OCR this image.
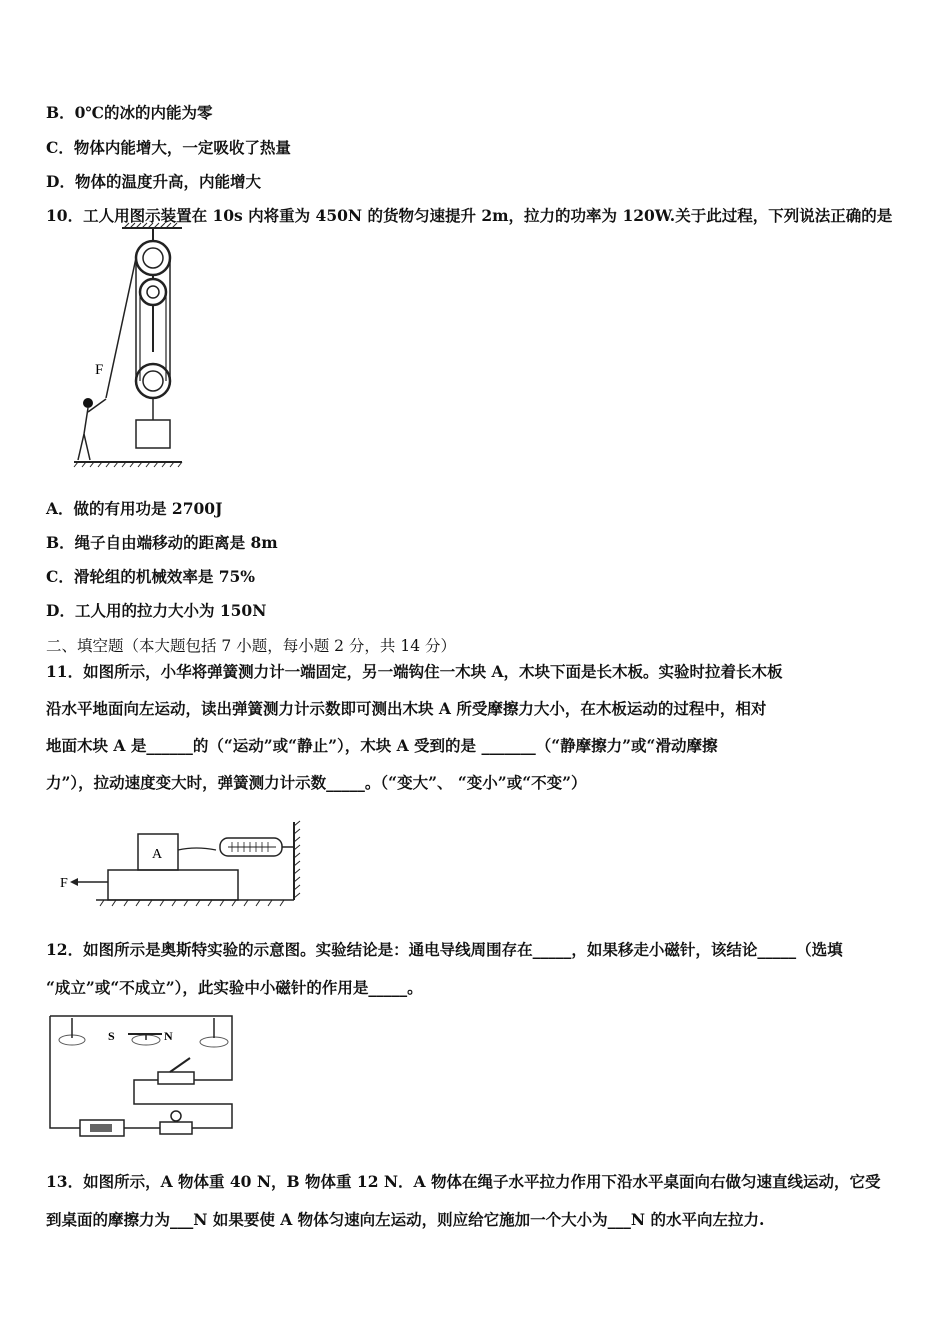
B．0℃的冰的内能为零
C．物体内能增大，一定吸收了热量
D．物体的温度升高，内能增大
10．工人用图示装置在 10s 内将重为 450N 的货物匀速提升 2m，拉力的功率为 120W.关于此过程，下列说法正确的是
F
A．做的有用功是 2700J
B．绳子自由端移动的距离是 8m
C．滑轮组的机械效率是 75%
D．工人用的拉力大小为 150N
二、填空题（本大题包括 7 小题，每小题 2 分，共 14 分）
11．如图所示，小华将弹簧测力计一端固定，另一端钩住一木块 A，木块下面是长木板。实验时拉着长木板
沿水平地面向左运动，读出弹簧测力计示数即可测出木块 A 所受摩擦力大小，在木板运动的过程中，相对
地面木块 A 是______的（“运动”或“静止”），木块 A 受到的是 _______（“静摩擦力”或“滑动摩擦
力”），拉动速度变大时，弹簧测力计示数_____。（“变大”、 “变小”或“不变”）
A
F
12．如图所示是奥斯特实验的示意图。实验结论是：通电导线周围存在_____，如果移走小磁针，该结论_____（选填
“成立”或“不成立”），此实验中小磁针的作用是_____。
S	N
13．如图所示，A 物体重 40 N，B 物体重 12 N．A 物体在绳子水平拉力作用下沿水平桌面向右做匀速直线运动，它受
到桌面的摩擦力为___N 如果要使 A 物体匀速向左运动，则应给它施加一个大小为___N 的水平向左拉力.
